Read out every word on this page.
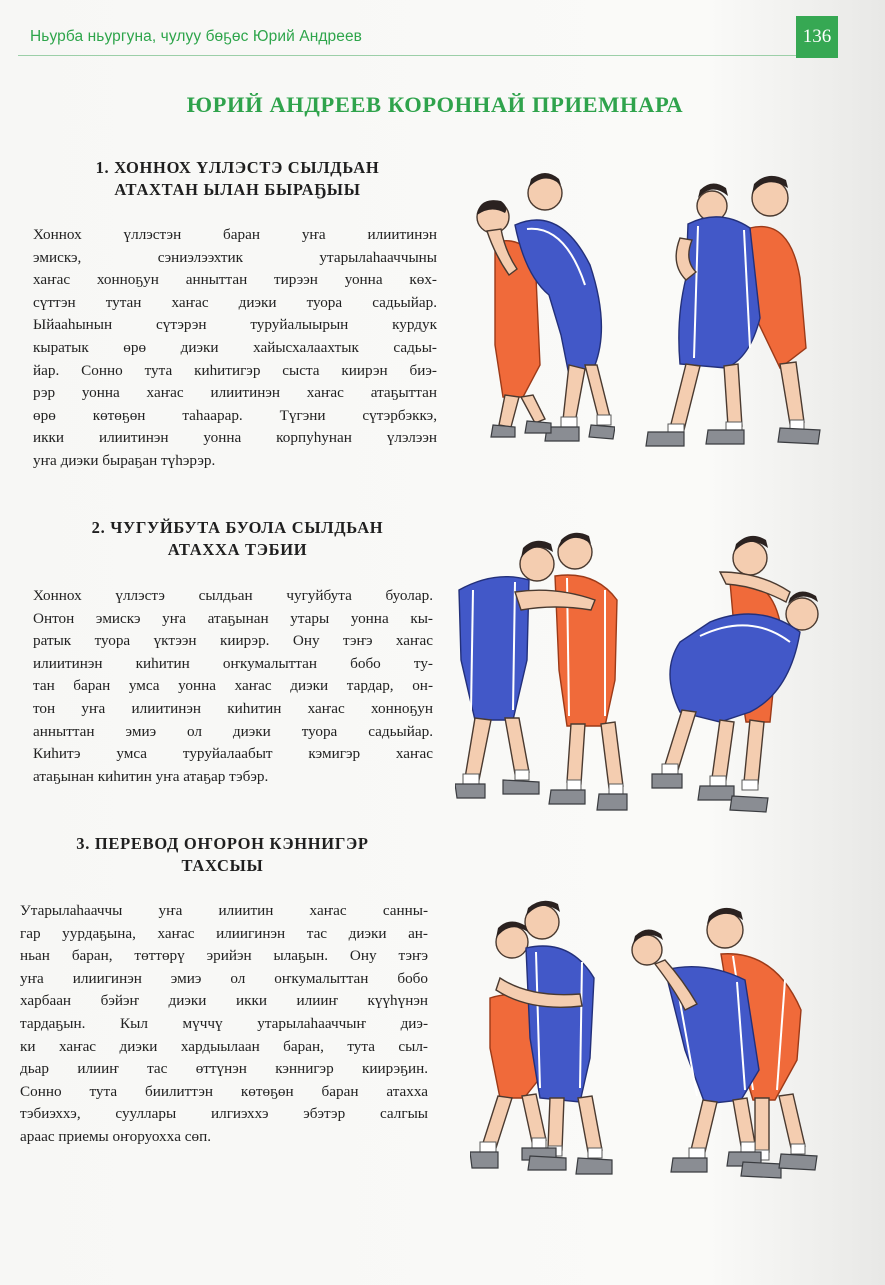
Ньурба ньургуна, чулуу бөҕөс Юрий Андреев	136
ЮРИЙ АНДРЕЕВ КОРОННАЙ ПРИЕМНАРА
1. ХОННОХ ҮЛЛЭСТЭ СЫЛДЬАН
АТАХТАН ЫЛАН БЫРАҔЫЫ
Хоннох үллэстэн баран уҥа илиитинэн
эмискэ, сэниэлээхтик утарылаһааччыны
хаҥас хонноҕун анныттан тирээн уонна көх-
сүттэн тутан хаҥас диэки туора садьыйар.
Ыйааһынын сүтэрэн туруйалыырын курдук
кыратык өрө диэки хайысхалаахтык садьы-
йар. Сонно тута киһитигэр сыста киирэн биэ-
рэр уонна хаҥас илиитинэн хаҥас атаҕыттан
өрө көтөҕөн таһаарар. Түгэни сүтэрбэккэ,
икки илиитинэн уонна корпуһунан үлэлээн
уҥа диэки быраҕан түһэрэр.
2. ЧУГУЙБУТА БУОЛА СЫЛДЬАН
АТАХХА ТЭБИИ
Хоннох үллэстэ сылдьан чугуйбута буолар.
Онтон эмискэ уҥа атаҕынан утары уонна кы-
ратык туора үктээн киирэр. Ону тэҥэ хаҥас
илиитинэн киһитин оҥкумалыттан бобо ту-
тан баран умса уонна хаҥас диэки тардар, он-
тон уҥа илиитинэн киһитин хаҥас хонноҕун
анныттан эмиэ ол диэки туора садьыйар.
Киһитэ умса туруйалаабыт кэмигэр хаҥас
атаҕынан киһитин уҥа атаҕар тэбэр.
3. ПЕРЕВОД ОҤОРОН КЭННИГЭР
ТАХСЫЫ
Утарылаһааччы уҥа илиитин хаҥас санны-
гар уурдаҕына, хаҥас илиигинэн тас диэки ан-
ньан баран, төттөрү эрийэн ылаҕын. Ону тэҥэ
уҥа илиигинэн эмиэ ол оҥкумалыттан бобо
харбаан бэйэҥ диэки икки илииҥ күүһүнэн
тардаҕын. Кыл мүччү утарылаһааччыҥ диэ-
ки хаҥас диэки хардыылаан баран, тута сыл-
дьар илииҥ тас өттүнэн кэннигэр киирэҕин.
Сонно тута биилиттэн көтөҕөн баран атахха
тэбиэххэ, сууллары илгиэххэ эбэтэр салгыы
араас приемы оҥоруоххa сөп.
